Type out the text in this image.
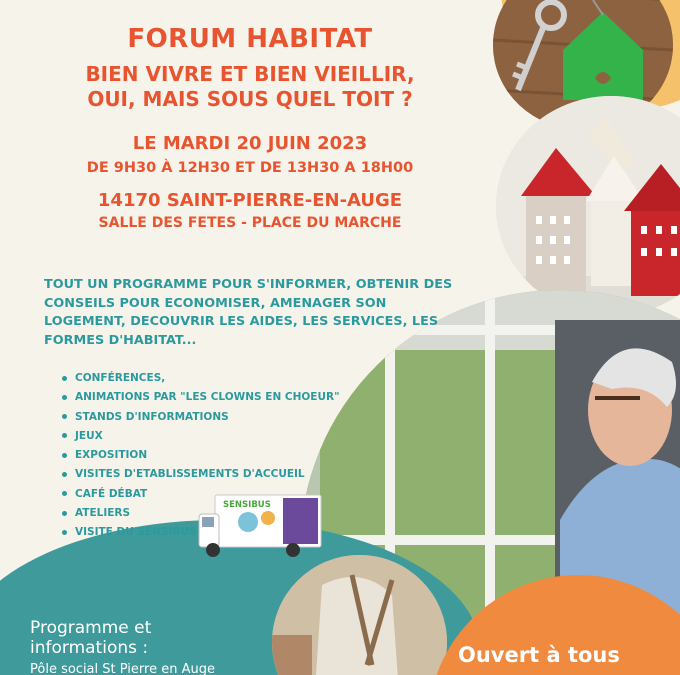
FORUM HABITAT
BIEN VIVRE ET BIEN VIEILLIR,
OUI, MAIS SOUS QUEL TOIT ?
LE MARDI 20 JUIN 2023
DE 9H30 À 12H30 ET DE 13H30 A 18H00
14170 SAINT-PIERRE-EN-AUGE
SALLE DES FETES - PLACE DU MARCHE
TOUT UN PROGRAMME POUR S'INFORMER, OBTENIR DES CONSEILS POUR ECONOMISER, AMENAGER SON LOGEMENT, DECOUVRIR LES AIDES, LES SERVICES, LES FORMES D'HABITAT...
CONFÉRENCES,
ANIMATIONS PAR "LES CLOWNS EN CHOEUR"
STANDS D'INFORMATIONS
JEUX
EXPOSITION
VISITES D'ETABLISSEMENTS D'ACCUEIL
CAFÉ DÉBAT
ATELIERS
VISITE DU SENSIBUS
SENSIBUS
Programme et
informations :
Pôle social St Pierre en Auge
Ouvert à tous
